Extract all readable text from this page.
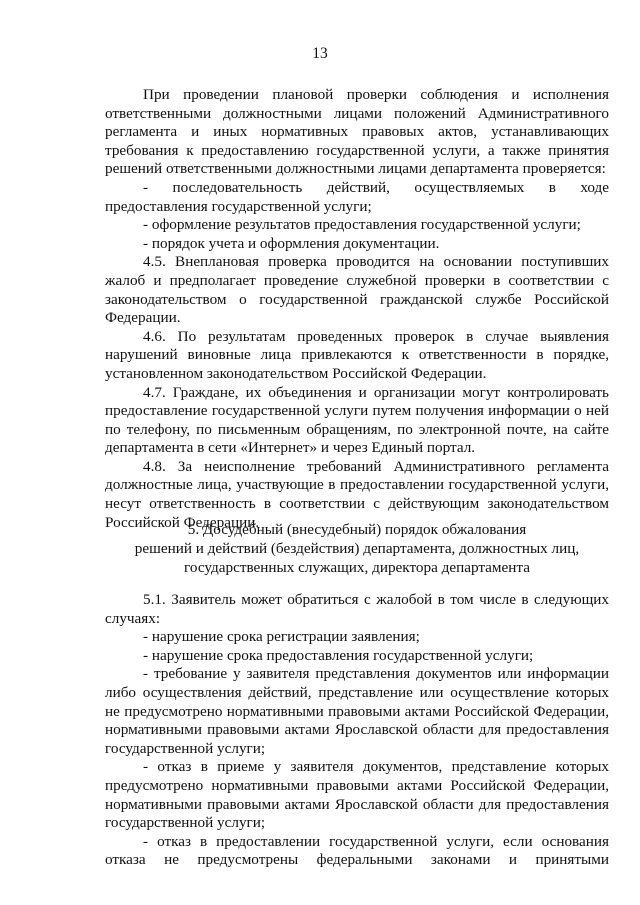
13

При проведении плановой проверки соблюдения и исполнения ответственными должностными лицами положений Административного регламента и иных нормативных правовых актов, устанавливающих требования к предоставлению государственной услуги, а также принятия решений ответственными должностными лицами департамента проверяется:

- последовательность действий, осуществляемых в ходе предоставления государственной услуги;

- оформление результатов предоставления государственной услуги;

- порядок учета и оформления документации.

4.5. Внеплановая проверка проводится на основании поступивших жалоб и предполагает проведение служебной проверки в соответствии с законодательством о государственной гражданской службе Российской Федерации.

4.6. По результатам проведенных проверок в случае выявления нарушений виновные лица привлекаются к ответственности в порядке, установленном законодательством Российской Федерации.

4.7. Граждане, их объединения и организации могут контролировать предоставление государственной услуги путем получения информации о ней по телефону, по письменным обращениям, по электронной почте, на сайте департамента в сети «Интернет» и через Единый портал.

4.8. За неисполнение требований Административного регламента должностные лица, участвующие в предоставлении государственной услуги, несут ответственность в соответствии с действующим законодательством Российской Федерации.

5. Досудебный (внесудебный) порядок обжалования
решений и действий (бездействия) департамента, должностных лиц,
государственных служащих, директора департамента

5.1. Заявитель может обратиться с жалобой в том числе в следующих случаях:

- нарушение срока регистрации заявления;

- нарушение срока предоставления государственной услуги;

- требование у заявителя представления документов или информации либо осуществления действий, представление или осуществление которых не предусмотрено нормативными правовыми актами Российской Федерации, нормативными правовыми актами Ярославской области для предоставления государственной услуги;

- отказ в приеме у заявителя документов, представление которых предусмотрено нормативными правовыми актами Российской Федерации, нормативными правовыми актами Ярославской области для предоставления государственной услуги;

- отказ в предоставлении государственной услуги, если основания отказа не предусмотрены федеральными законами и принятыми
